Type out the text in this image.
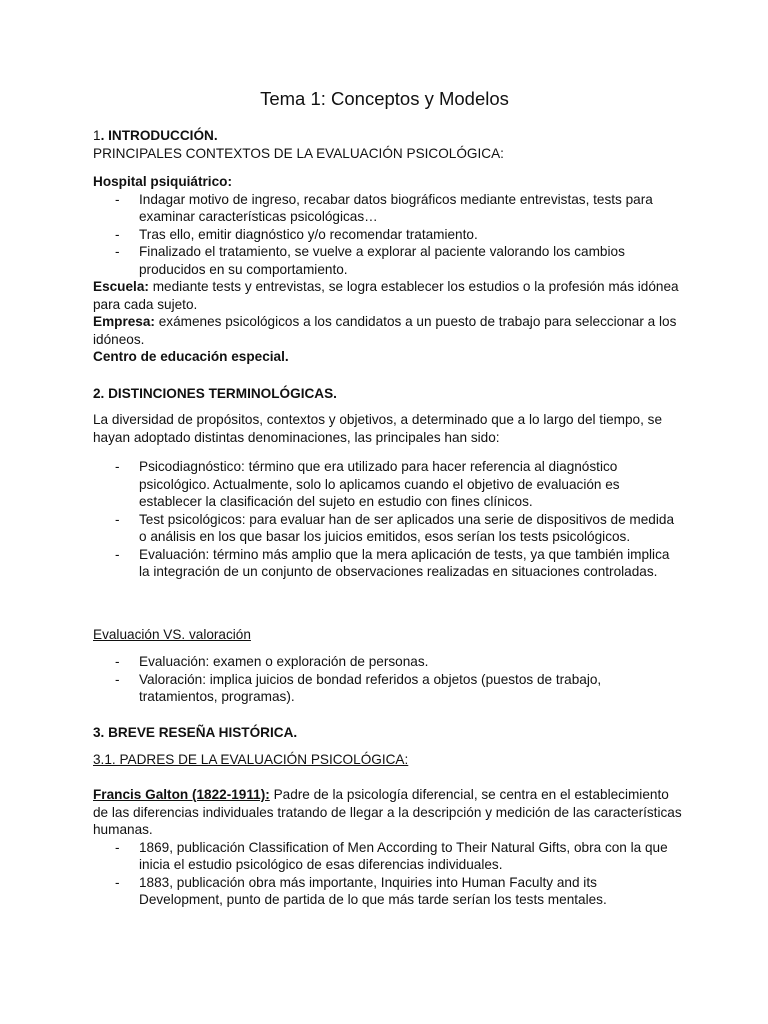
Tema 1: Conceptos y Modelos

1. INTRODUCCIÓN.

PRINCIPALES CONTEXTOS DE LA EVALUACIÓN PSICOLÓGICA:

Hospital psiquiátrico:

- Indagar motivo de ingreso, recabar datos biográficos mediante entrevistas, tests para examinar características psicológicas…
- Tras ello, emitir diagnóstico y/o recomendar tratamiento.
- Finalizado el tratamiento, se vuelve a explorar al paciente valorando los cambios producidos en su comportamiento.

Escuela: mediante tests y entrevistas, se logra establecer los estudios o la profesión más idónea para cada sujeto.

Empresa: exámenes psicológicos a los candidatos a un puesto de trabajo para seleccionar a los idóneos.

Centro de educación especial.

2. DISTINCIONES TERMINOLÓGICAS.

La diversidad de propósitos, contextos y objetivos, a determinado que a lo largo del tiempo, se hayan adoptado distintas denominaciones, las principales han sido:

- Psicodiagnóstico: término que era utilizado para hacer referencia al diagnóstico psicológico. Actualmente, solo lo aplicamos cuando el objetivo de evaluación es establecer la clasificación del sujeto en estudio con fines clínicos.
- Test psicológicos: para evaluar han de ser aplicados una serie de dispositivos de medida o análisis en los que basar los juicios emitidos, esos serían los tests psicológicos.
- Evaluación: término más amplio que la mera aplicación de tests, ya que también implica la integración de un conjunto de observaciones realizadas en situaciones controladas.

Evaluación VS. valoración

- Evaluación: examen o exploración de personas.
- Valoración: implica juicios de bondad referidos a objetos (puestos de trabajo, tratamientos, programas).

3. BREVE RESEÑA HISTÓRICA.

3.1. PADRES DE LA EVALUACIÓN PSICOLÓGICA:

Francis Galton (1822-1911): Padre de la psicología diferencial, se centra en el establecimiento de las diferencias individuales tratando de llegar a la descripción y medición de las características humanas.

- 1869, publicación Classification of Men According to Their Natural Gifts, obra con la que inicia el estudio psicológico de esas diferencias individuales.
- 1883, publicación obra más importante, Inquiries into Human Faculty and its Development, punto de partida de lo que más tarde serían los tests mentales.
